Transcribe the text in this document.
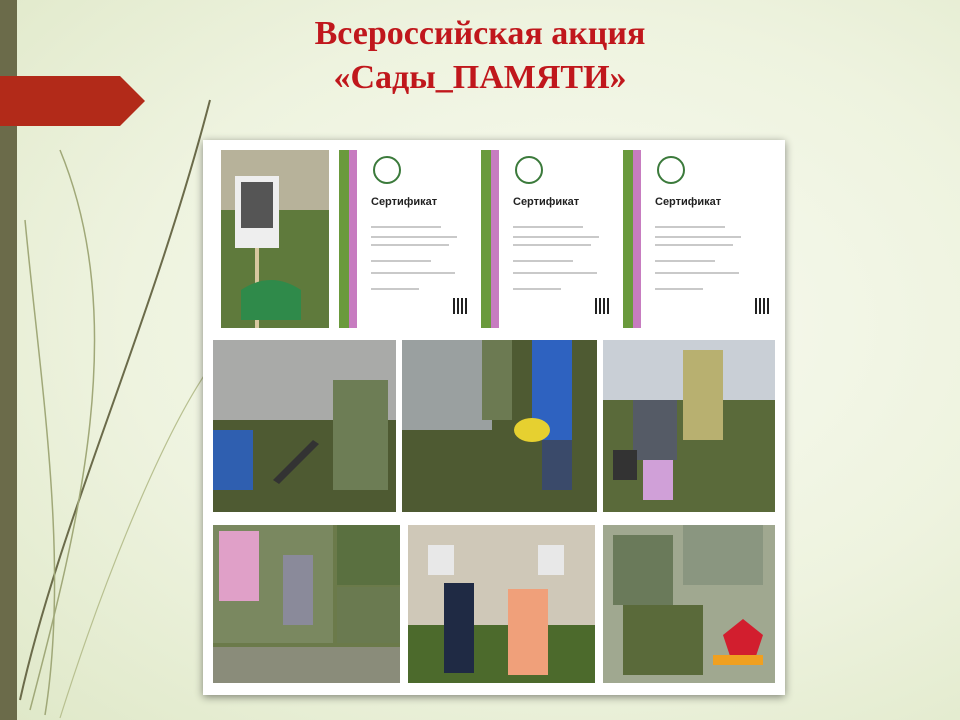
Всероссийская акция
«Сады_ПАМЯТИ»
Сертификат	Сертификат	Сертификат
